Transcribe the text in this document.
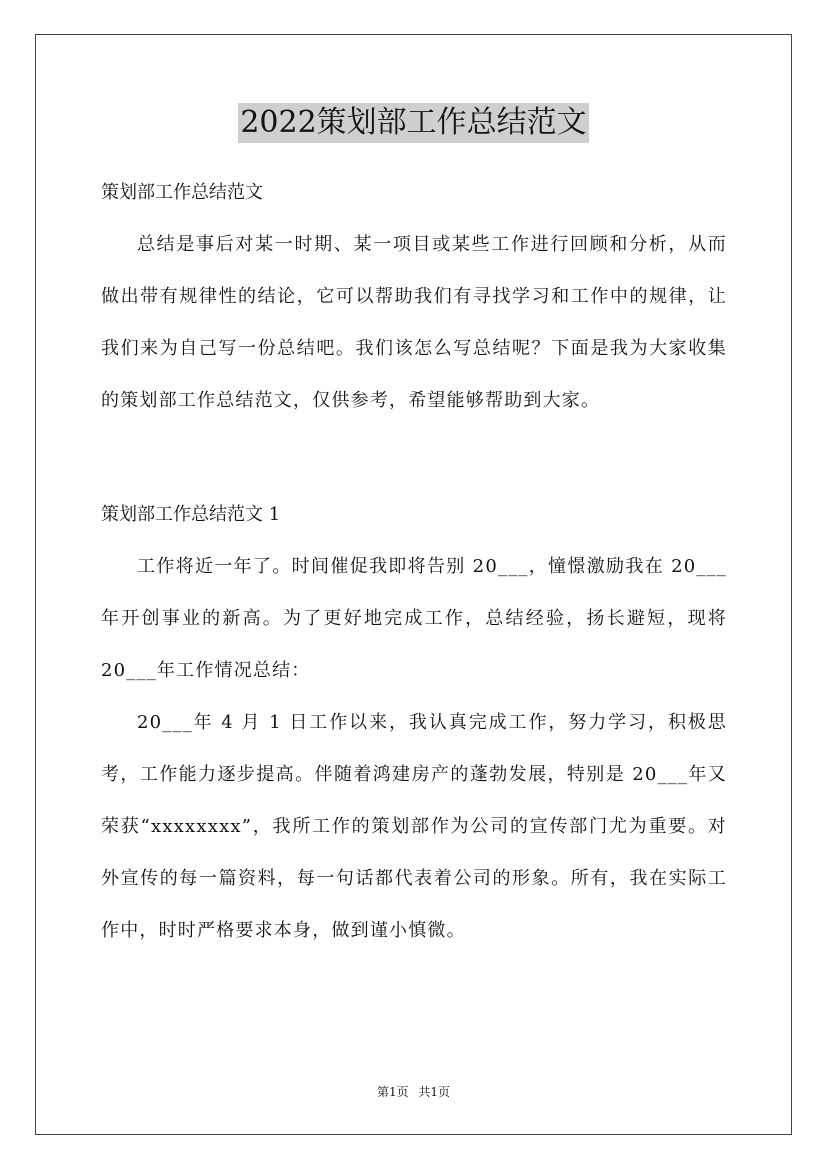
2022策划部工作总结范文

策划部工作总结范文

总结是事后对某一时期、某一项目或某些工作进行回顾和分析，从而做出带有规律性的结论，它可以帮助我们有寻找学习和工作中的规律，让我们来为自己写一份总结吧。我们该怎么写总结呢？下面是我为大家收集的策划部工作总结范文，仅供参考，希望能够帮助到大家。

策划部工作总结范文 1

工作将近一年了。时间催促我即将告别 20___，憧憬激励我在 20___年开创事业的新高。为了更好地完成工作，总结经验，扬长避短，现将 20___年工作情况总结：

20___年 4 月 1 日工作以来，我认真完成工作，努力学习，积极思考，工作能力逐步提高。伴随着鸿建房产的蓬勃发展，特别是 20___年又荣获“xxxxxxxx”，我所工作的策划部作为公司的宣传部门尤为重要。对外宣传的每一篇资料，每一句话都代表着公司的形象。所有，我在实际工作中，时时严格要求本身，做到谨小慎微。

第1页 共1页
